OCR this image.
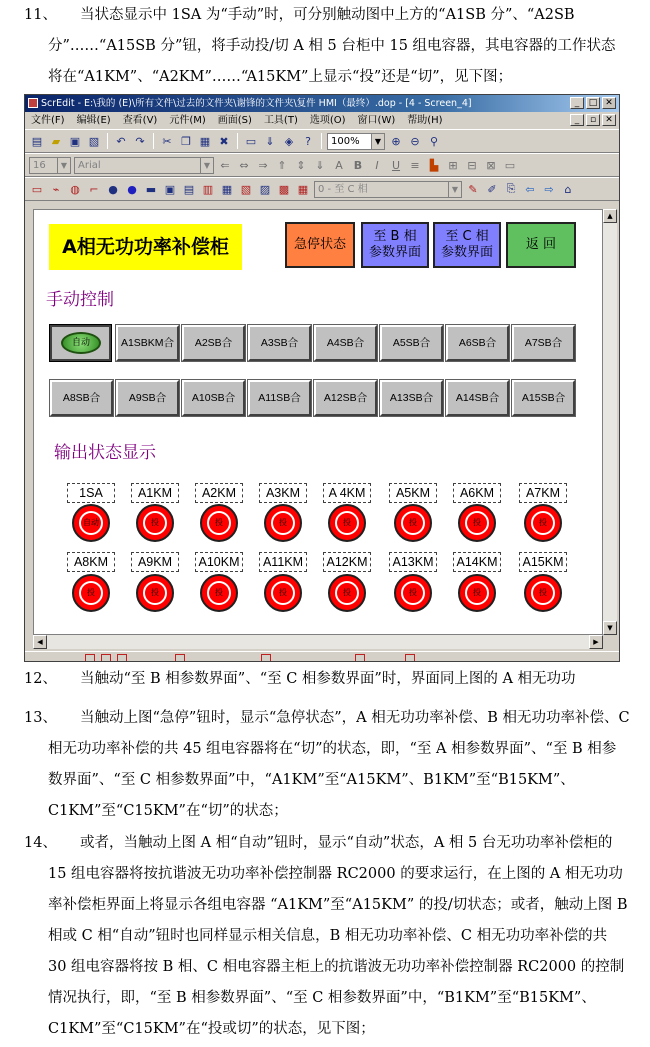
11、	当状态显示中 1SA 为“手动”时，可分别触动图中上方的“A1SB 分”、“A2SB 分”……“A15SB 分”钮，将手动投/切 A 相 5 台柜中 15 组电容器，其电容器的工作状态将在“A1KM”、“A2KM”……“A15KM”上显示“投”还是“切”，见下图；
ScrEdit - E:\我的 (E)\所有文件\过去的文件夹\谢锋的文件夹\复件 HMI（最终）.dop - [4 - Screen_4]	_	□ ✕
文件(F) 编辑(E) 查看(V) 元件(M) 画面(S) 工具(T) 选项(O) 窗口(W) 帮助(H)	_	▫	✕
▤ ▰ ▣ ▧	↶ ↷	✂ ❐ ▦ ✖	▭ ⇓ ◈	?	100%	▼ ⊕ ⊖ ⚲
16	▼	Arial	▼ ⇐ ⇔ ⇒ ⇑ ⇕ ⇓ A	B	I	U ≡ ▙ ⊞ ⊟ ⊠ ▭
▭ ⌁ ◍ ⌐ ● ● ▬ ▣ ▤ ▥ ▦ ▧ ▨ ▩ ▦ 0 - 至 C 相	▼ ✎ ✐ ⎘ ⇦ ⇨ ⌂
A相无功功率补偿柜	急停状态
至 B 相参数界面
至 C 相参数界面
返 回
手动控制
自动	A1SBKM合	A2SB合	A3SB合	A4SB合	A5SB合	A6SB合	A7SB合
A8SB合	A9SB合	A10SB合	A11SB合	A12SB合	A13SB合	A14SB合	A15SB合
输出状态显示
1SA	A1KM	A2KM	A3KM	A 4KM	A5KM	A6KM	A7KM
自动	投	投	投	投	投	投	投
A8KM	A9KM	A10KM	A11KM	A12KM A13KM A14KM A15KM
投	投	投	投	投	投	投	投
▲
▼
◀	▶
12、	当触动“至 B 相参数界面”、“至 C 相参数界面”时，界面同上图的 A 相无功功
13、	当触动上图“急停”钮时，显示“急停状态”，A 相无功功率补偿、B 相无功功率补偿、C 相无功功率补偿的共 45 组电容器将在“切”的状态，即，“至 A 相参数界面”、“至 B 相参数界面”、“至 C 相参数界面”中，“A1KM”至“A15KM”、B1KM”至“B15KM”、C1KM”至“C15KM”在“切”的状态；
14、	或者，当触动上图 A 相“自动”钮时，显示“自动”状态，A 相 5 台无功功率补偿柜的 15 组电容器将按抗谐波无功功率补偿控制器 RC2000 的要求运行，在上图的 A 相无功功率补偿柜界面上将显示各组电容器 “A1KM”至“A15KM” 的投/切状态；或者，触动上图 B 相或 C 相“自动”钮时也同样显示相关信息，B 相无功功率补偿、C 相无功功率补偿的共 30 组电容器将按 B 相、C 相电容器主柜上的抗谐波无功功率补偿控制器 RC2000 的控制情况执行，即，“至 B 相参数界面”、“至 C 相参数界面”中，“B1KM”至“B15KM”、C1KM”至“C15KM”在“投或切”的状态，见下图；
